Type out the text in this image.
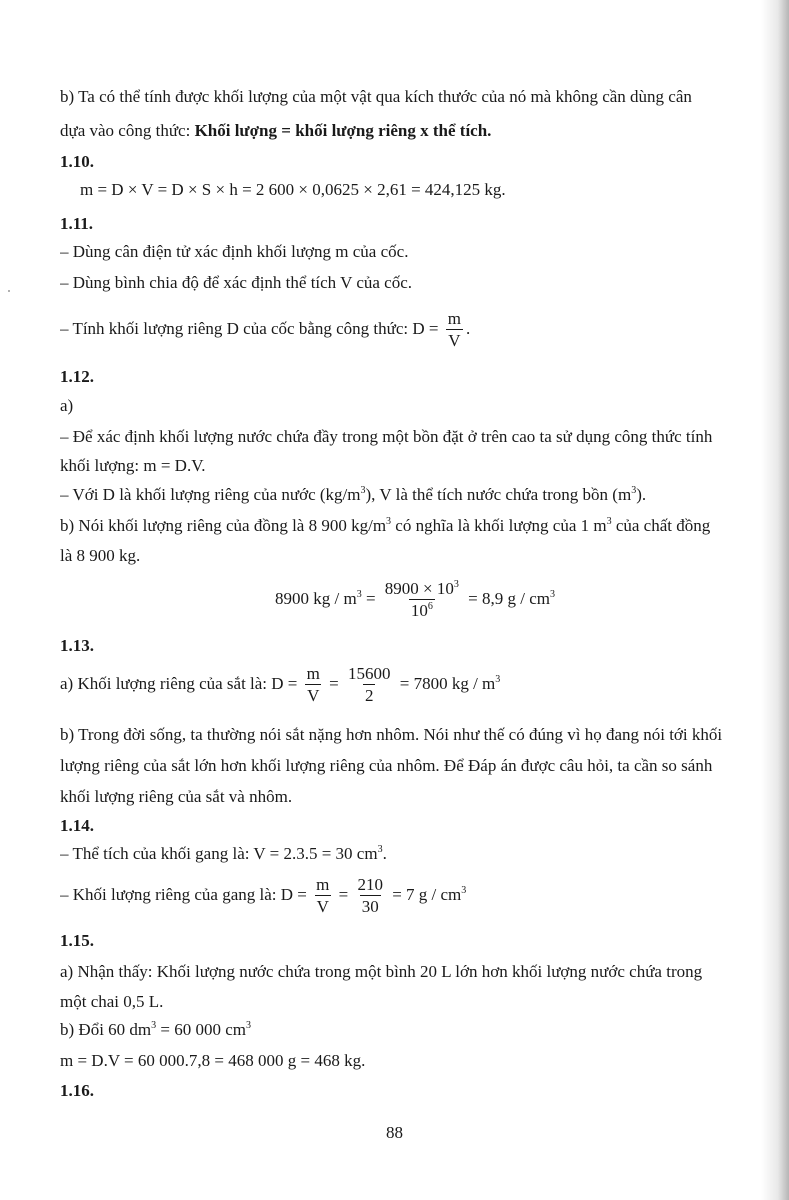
b) Ta có thể tính được khối lượng của một vật qua kích thước của nó mà không cần dùng cân
dựa vào công thức: Khối lượng = khối lượng riêng x thể tích.
1.10.
m = D × V = D × S × h = 2 600 × 0,0625 × 2,61 = 424,125 kg.
1.11.
– Dùng cân điện tử xác định khối lượng m của cốc.
– Dùng bình chia độ để xác định thể tích V của cốc.
– Tính khối lượng riêng D của cốc bằng công thức: $D = \frac{m}{V}$ .
1.12.
a)
– Để xác định khối lượng nước chứa đầy trong một bồn đặt ở trên cao ta sử dụng công thức tính
khối lượng: m = D.V.
– Với D là khối lượng riêng của nước $(kg/m^3)$, V là thể tích nước chứa trong bồn $(m^3)$.
b) Nói khối lượng riêng của đồng là 8 900 $kg/m^3$ có nghĩa là khối lượng của 1 $m^3$ của chất đồng
là 8 900 kg.
8900 kg / $m^3 = \frac{8900 \times 10^3}{10^6} = 8,9$ g / $cm^3$
1.13.
a) Khối lượng riêng của sắt là: $D = \frac{m}{V} = \frac{15600}{2} = 7800$ kg / $m^3$
b) Trong đời sống, ta thường nói sắt nặng hơn nhôm. Nói như thế có đúng vì họ đang nói tới khối
lượng riêng của sắt lớn hơn khối lượng riêng của nhôm. Để Đáp án được câu hỏi, ta cần so sánh
khối lượng riêng của sắt và nhôm.
1.14.
– Thể tích của khối gang là: V = 2.3.5 = 30 $cm^3$.
– Khối lượng riêng của gang là: $D = \frac{m}{V} = \frac{210}{30} = 7$ g / $cm^3$
1.15.
a) Nhận thấy: Khối lượng nước chứa trong một bình 20 L lớn hơn khối lượng nước chứa trong
một chai 0,5 L.
b) Đổi 60 $dm^3 = 60$ 000 $cm^3$
m = D.V = 60 000.7,8 = 468 000 g = 468 kg.
1.16.
88
